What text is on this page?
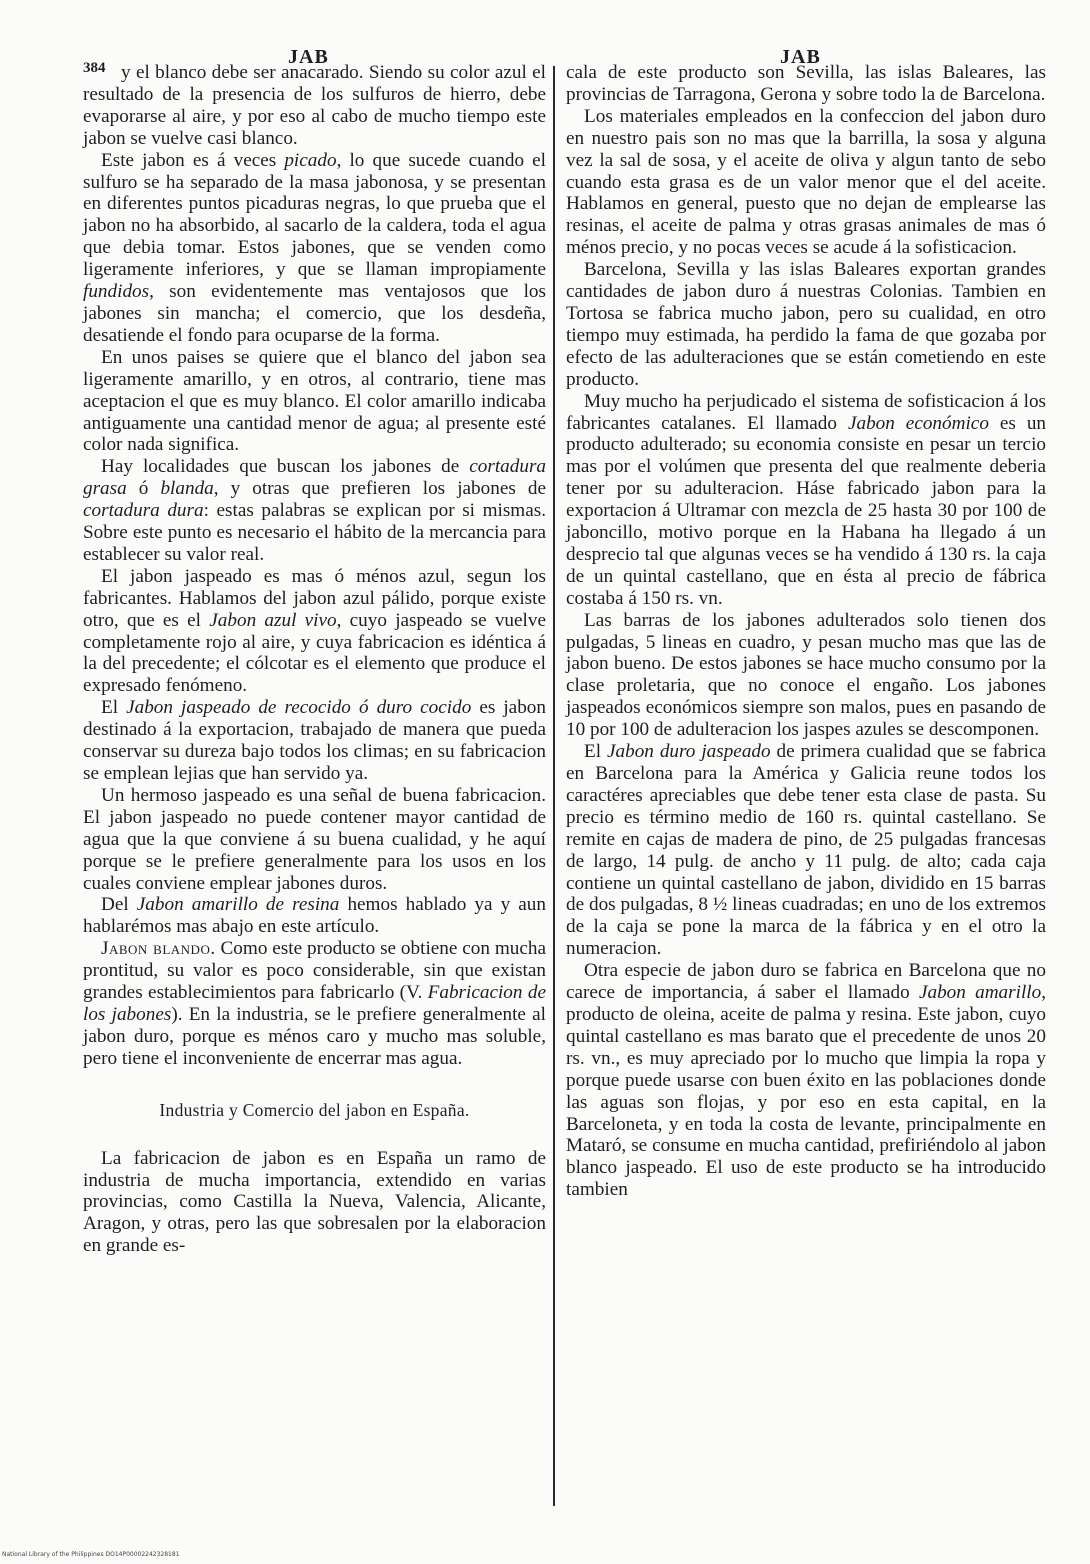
384	JAB	JAB

y el blanco debe ser anacarado. Siendo su color azul el resultado de la presencia de los sulfuros de hierro, debe evaporarse al aire, y por eso al cabo de mucho tiempo este jabon se vuelve casi blanco.

Este jabon es á veces picado, lo que sucede cuando el sulfuro se ha separado de la masa jabonosa, y se presentan en diferentes puntos picaduras negras, lo que prueba que el jabon no ha absorbido, al sacarlo de la caldera, toda el agua que debia tomar. Estos jabones, que se venden como ligeramente inferiores, y que se llaman impropiamente fundidos, son evidentemente mas ventajosos que los jabones sin mancha; el comercio, que los desdeña, desatiende el fondo para ocuparse de la forma.

En unos paises se quiere que el blanco del jabon sea ligeramente amarillo, y en otros, al contrario, tiene mas aceptacion el que es muy blanco. El color amarillo indicaba antiguamente una cantidad menor de agua; al presente esté color nada significa.

Hay localidades que buscan los jabones de cortadura grasa ó blanda, y otras que prefieren los jabones de cortadura dura: estas palabras se explican por si mismas. Sobre este punto es necesario el hábito de la mercancia para establecer su valor real.

El jabon jaspeado es mas ó ménos azul, segun los fabricantes. Hablamos del jabon azul pálido, porque existe otro, que es el Jabon azul vivo, cuyo jaspeado se vuelve completamente rojo al aire, y cuya fabricacion es idéntica á la del precedente; el cólcotar es el elemento que produce el expresado fenómeno.

El Jabon jaspeado de recocido ó duro cocido es jabon destinado á la exportacion, trabajado de manera que pueda conservar su dureza bajo todos los climas; en su fabricacion se emplean lejias que han servido ya.

Un hermoso jaspeado es una señal de buena fabricacion. El jabon jaspeado no puede contener mayor cantidad de agua que la que conviene á su buena cualidad, y he aquí porque se le prefiere generalmente para los usos en los cuales conviene emplear jabones duros.

Del Jabon amarillo de resina hemos hablado ya y aun hablarémos mas abajo en este artículo.

Jabon blando. Como este producto se obtiene con mucha prontitud, su valor es poco considerable, sin que existan grandes establecimientos para fabricarlo (V. Fabricacion de los jabones). En la industria, se le prefiere generalmente al jabon duro, porque es ménos caro y mucho mas soluble, pero tiene el inconveniente de encerrar mas agua.

Industria y Comercio del jabon en España.

La fabricacion de jabon es en España un ramo de industria de mucha importancia, extendido en varias provincias, como Castilla la Nueva, Valencia, Alicante, Aragon, y otras, pero las que sobresalen por la elaboracion en grande es-

cala de este producto son Sevilla, las islas Baleares, las provincias de Tarragona, Gerona y sobre todo la de Barcelona.

Los materiales empleados en la confeccion del jabon duro en nuestro pais son no mas que la barrilla, la sosa y alguna vez la sal de sosa, y el aceite de oliva y algun tanto de sebo cuando esta grasa es de un valor menor que el del aceite. Hablamos en general, puesto que no dejan de emplearse las resinas, el aceite de palma y otras grasas animales de mas ó ménos precio, y no pocas veces se acude á la sofisticacion.

Barcelona, Sevilla y las islas Baleares exportan grandes cantidades de jabon duro á nuestras Colonias. Tambien en Tortosa se fabrica mucho jabon, pero su cualidad, en otro tiempo muy estimada, ha perdido la fama de que gozaba por efecto de las adulteraciones que se están cometiendo en este producto.

Muy mucho ha perjudicado el sistema de sofisticacion á los fabricantes catalanes. El llamado Jabon económico es un producto adulterado; su economia consiste en pesar un tercio mas por el volúmen que presenta del que realmente deberia tener por su adulteracion. Háse fabricado jabon para la exportacion á Ultramar con mezcla de 25 hasta 30 por 100 de jaboncillo, motivo porque en la Habana ha llegado á un desprecio tal que algunas veces se ha vendido á 130 rs. la caja de un quintal castellano, que en ésta al precio de fábrica costaba á 150 rs. vn.

Las barras de los jabones adulterados solo tienen dos pulgadas, 5 lineas en cuadro, y pesan mucho mas que las de jabon bueno. De estos jabones se hace mucho consumo por la clase proletaria, que no conoce el engaño. Los jabones jaspeados económicos siempre son malos, pues en pasando de 10 por 100 de adulteracion los jaspes azules se descomponen.

El Jabon duro jaspeado de primera cualidad que se fabrica en Barcelona para la América y Galicia reune todos los caractéres apreciables que debe tener esta clase de pasta. Su precio es término medio de 160 rs. quintal castellano. Se remite en cajas de madera de pino, de 25 pulgadas francesas de largo, 14 pulg. de ancho y 11 pulg. de alto; cada caja contiene un quintal castellano de jabon, dividido en 15 barras de dos pulgadas, 8 ½ lineas cuadradas; en uno de los extremos de la caja se pone la marca de la fábrica y en el otro la numeracion.

Otra especie de jabon duro se fabrica en Barcelona que no carece de importancia, á saber el llamado Jabon amarillo, producto de oleina, aceite de palma y resina. Este jabon, cuyo quintal castellano es mas barato que el precedente de unos 20 rs. vn., es muy apreciado por lo mucho que limpia la ropa y porque puede usarse con buen éxito en las poblaciones donde las aguas son flojas, y por eso en esta capital, en la Barceloneta, y en toda la costa de levante, principalmente en Mataró, se consume en mucha cantidad, prefiriéndolo al jabon blanco jaspeado. El uso de este producto se ha introducido tambien

National Library of the Philippines DO14P00002242328181
